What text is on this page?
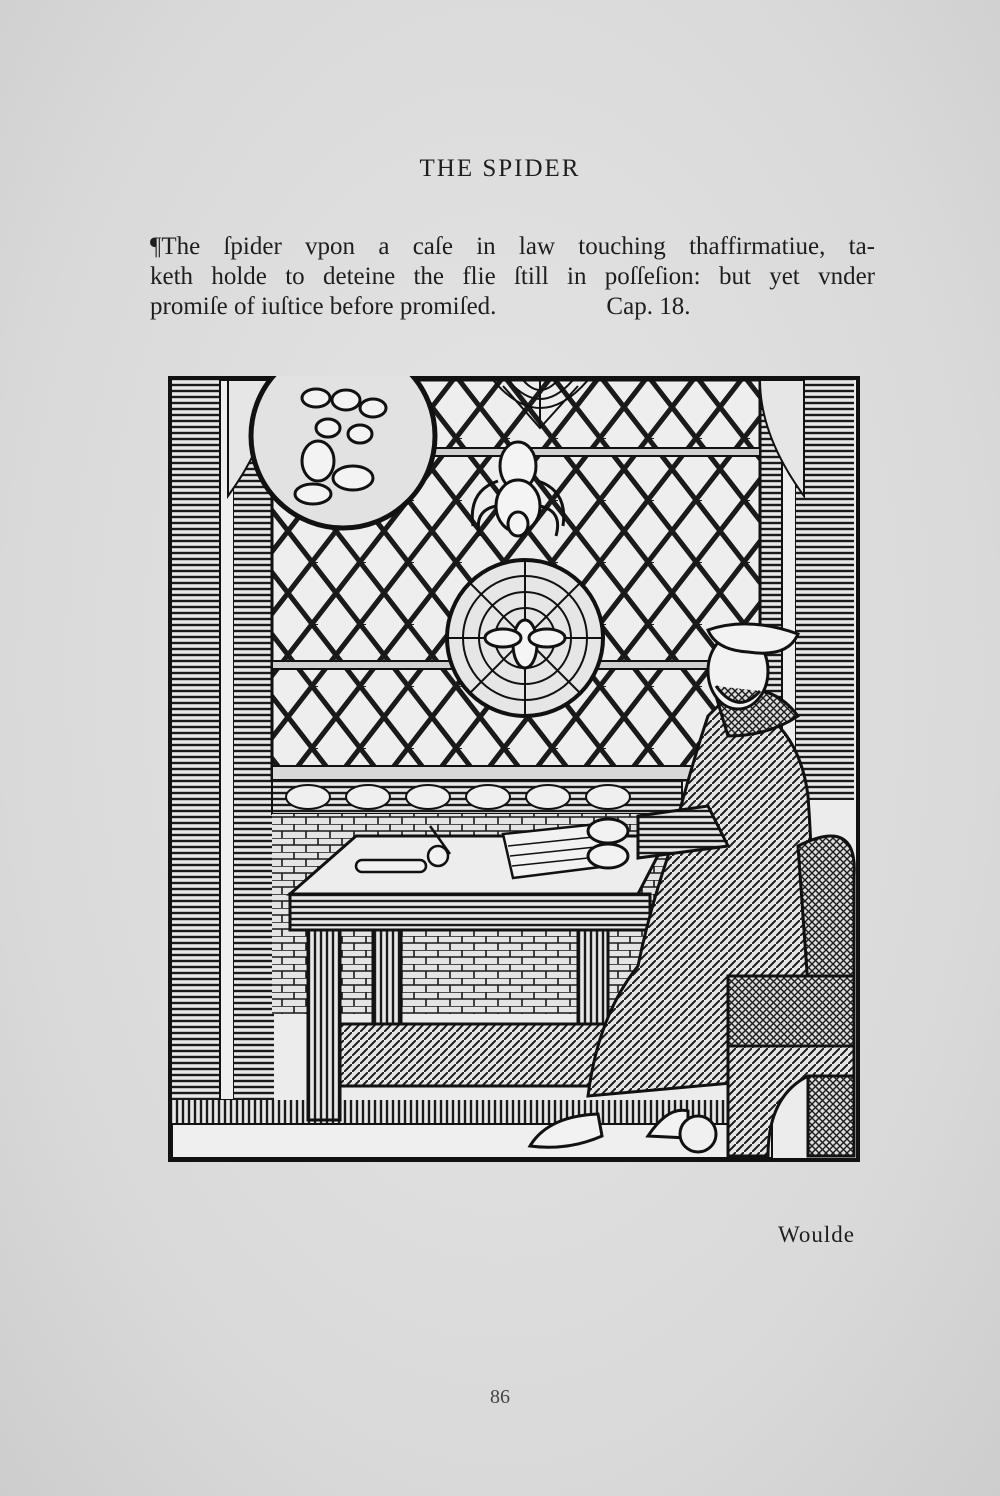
THE SPIDER
¶The ſpider vpon a caſe in law touching thaffirmatiue, ta-
keth holde to deteine the flie ſtill in poſſeſion: but yet vnder
promiſe of iuſtice before promiſed.	Cap. 18.
Woulde
86
